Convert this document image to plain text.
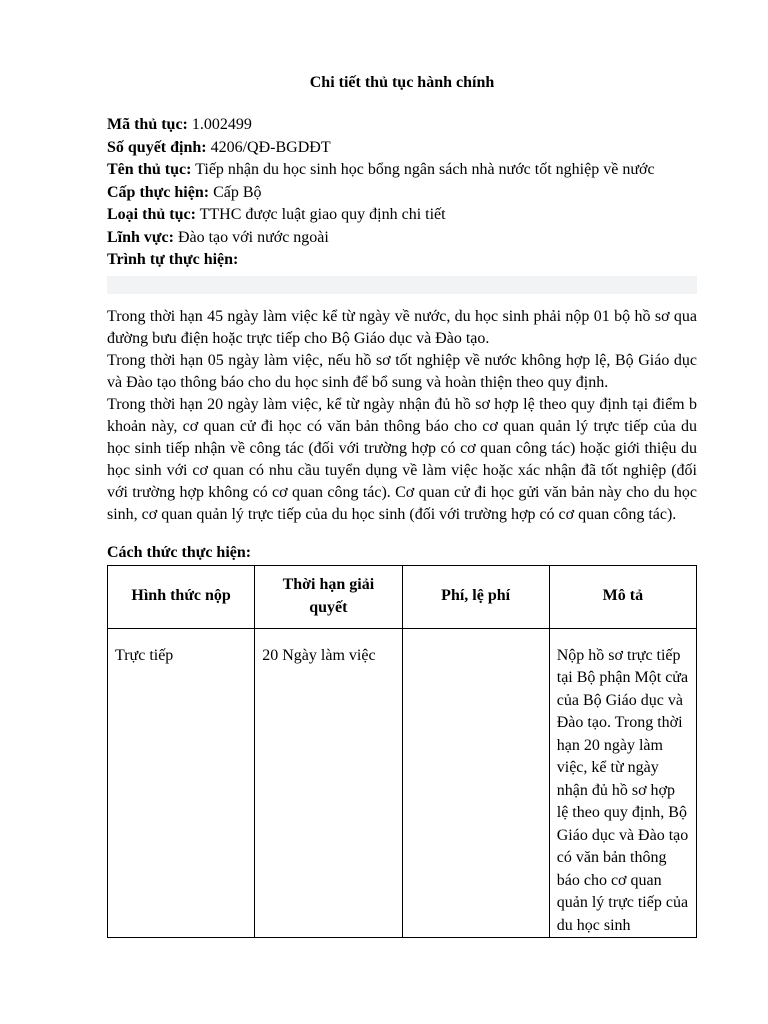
Chi tiết thủ tục hành chính
Mã thủ tục: 1.002499
Số quyết định: 4206/QĐ-BGDĐT
Tên thủ tục: Tiếp nhận du học sinh học bổng ngân sách nhà nước tốt nghiệp về nước
Cấp thực hiện: Cấp Bộ
Loại thủ tục: TTHC được luật giao quy định chi tiết
Lĩnh vực: Đào tạo với nước ngoài
Trình tự thực hiện:

Trong thời hạn 45 ngày làm việc kể từ ngày về nước, du học sinh phải nộp 01 bộ hồ sơ qua đường bưu điện hoặc trực tiếp cho Bộ Giáo dục và Đào tạo.

Trong thời hạn 05 ngày làm việc, nếu hồ sơ tốt nghiệp về nước không hợp lệ, Bộ Giáo dục và Đào tạo thông báo cho du học sinh để bổ sung và hoàn thiện theo quy định.

Trong thời hạn 20 ngày làm việc, kể từ ngày nhận đủ hồ sơ hợp lệ theo quy định tại điểm b khoản này, cơ quan cử đi học có văn bản thông báo cho cơ quan quản lý trực tiếp của du học sinh tiếp nhận về công tác (đối với trường hợp có cơ quan công tác) hoặc giới thiệu du học sinh với cơ quan có nhu cầu tuyển dụng về làm việc hoặc xác nhận đã tốt nghiệp (đối với trường hợp không có cơ quan công tác). Cơ quan cử đi học gửi văn bản này cho du học sinh, cơ quan quản lý trực tiếp của du học sinh (đối với trường hợp có cơ quan công tác).

Cách thức thực hiện:
Hình thức nộp	Thời hạn giải quyết	Phí, lệ phí	Mô tả
Trực tiếp	20 Ngày làm việc		Nộp hồ sơ trực tiếp tại Bộ phận Một cửa của Bộ Giáo dục và Đào tạo. Trong thời hạn 20 ngày làm việc, kể từ ngày nhận đủ hồ sơ hợp lệ theo quy định, Bộ Giáo dục và Đào tạo có văn bản thông báo cho cơ quan quản lý trực tiếp của du học sinh
